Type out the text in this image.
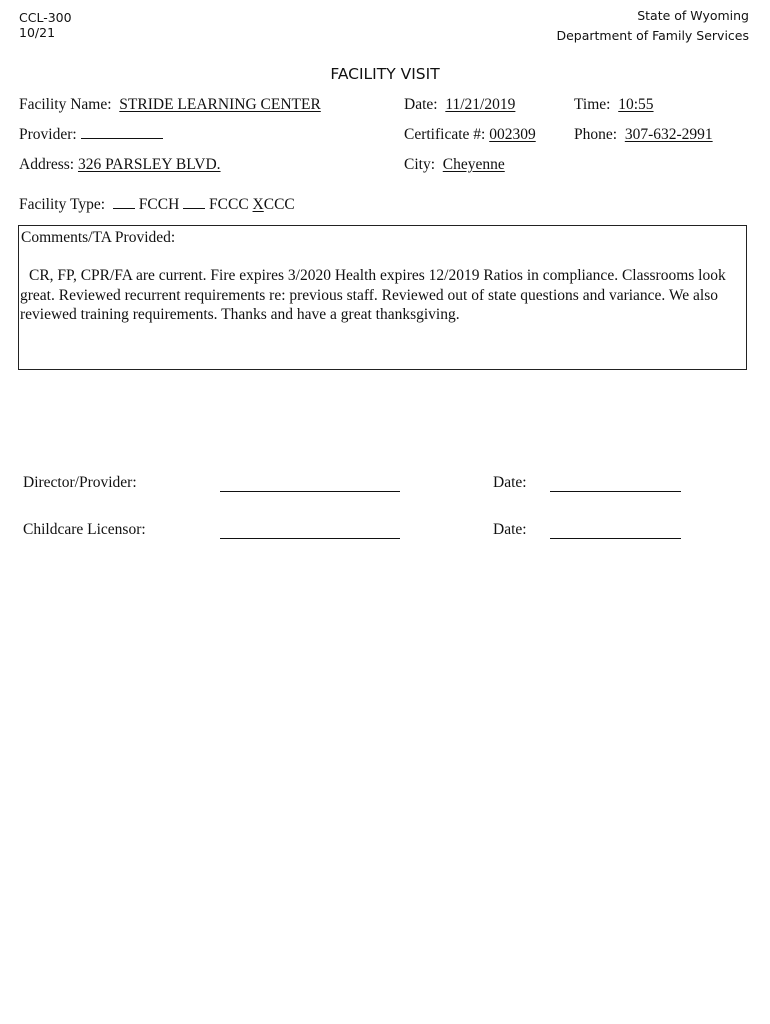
CCL-300
10/21
State of Wyoming
Department of Family Services
FACILITY VISIT
Facility Name: STRIDE LEARNING CENTER	Date: 11/21/2019	Time: 10:55
Provider:	Certificate #: 002309 Phone: 307-632-2991
Address: 326 PARSLEY BLVD.	City: Cheyenne
Facility Type: FCCH FCCC XCCC
Comments/TA Provided:
CR, FP, CPR/FA are current. Fire expires 3/2020 Health expires 12/2019 Ratios in compliance. Classrooms look great. Reviewed recurrent requirements re: previous staff. Reviewed out of state questions and variance. We also reviewed training requirements. Thanks and have a great thanksgiving.
Director/Provider:	Date:
Childcare Licensor:	Date:
